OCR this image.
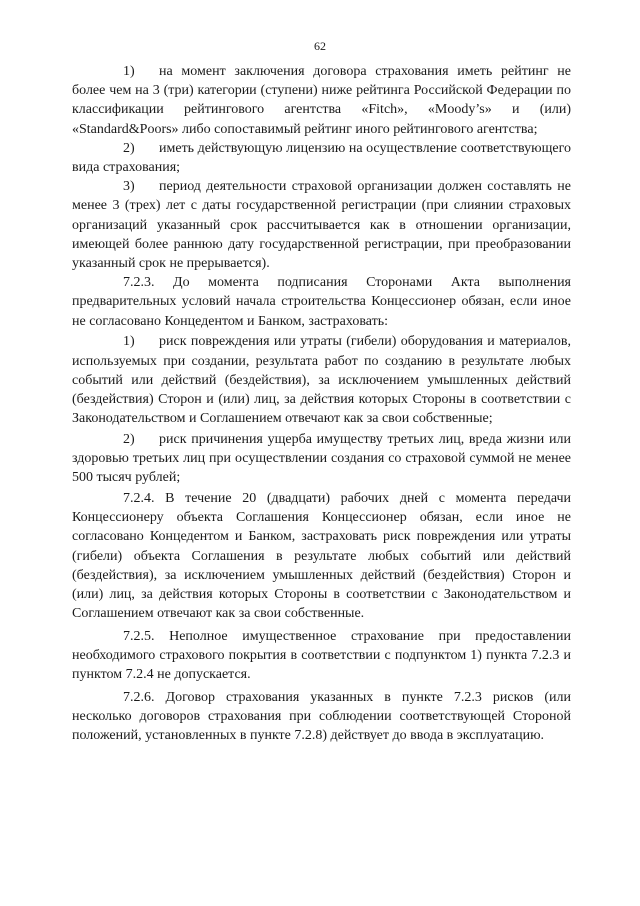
62

1) на момент заключения договора страхования иметь рейтинг не более чем на 3 (три) категории (ступени) ниже рейтинга Российской Федерации по классификации рейтингового агентства «Fitch», «Moody’s» и (или) «Standard&Poors» либо сопоставимый рейтинг иного рейтингового агентства;

2) иметь действующую лицензию на осуществление соответствующего вида страхования;

3) период деятельности страховой организации должен составлять не менее 3 (трех) лет с даты государственной регистрации (при слиянии страховых организаций указанный срок рассчитывается как в отношении организации, имеющей более раннюю дату государственной регистрации, при преобразовании указанный срок не прерывается).

7.2.3. До момента подписания Сторонами Акта выполнения предварительных условий начала строительства Концессионер обязан, если иное не согласовано Концедентом и Банком, застраховать:

1) риск повреждения или утраты (гибели) оборудования и материалов, используемых при создании, результата работ по созданию в результате любых событий или действий (бездействия), за исключением умышленных действий (бездействия) Сторон и (или) лиц, за действия которых Стороны в соответствии с Законодательством и Соглашением отвечают как за свои собственные;

2) риск причинения ущерба имуществу третьих лиц, вреда жизни или здоровью третьих лиц при осуществлении создания со страховой суммой не менее 500 тысяч рублей;

7.2.4. В течение 20 (двадцати) рабочих дней с момента передачи Концессионеру объекта Соглашения Концессионер обязан, если иное не согласовано Концедентом и Банком, застраховать риск повреждения или утраты (гибели) объекта Соглашения в результате любых событий или действий (бездействия), за исключением умышленных действий (бездействия) Сторон и (или) лиц, за действия которых Стороны в соответствии с Законодательством и Соглашением отвечают как за свои собственные.

7.2.5. Неполное имущественное страхование при предоставлении необходимого страхового покрытия в соответствии с подпунктом 1) пункта 7.2.3 и пунктом 7.2.4 не допускается.

7.2.6. Договор страхования указанных в пункте 7.2.3 рисков (или несколько договоров страхования при соблюдении соответствующей Стороной положений, установленных в пункте 7.2.8) действует до ввода в эксплуатацию.
